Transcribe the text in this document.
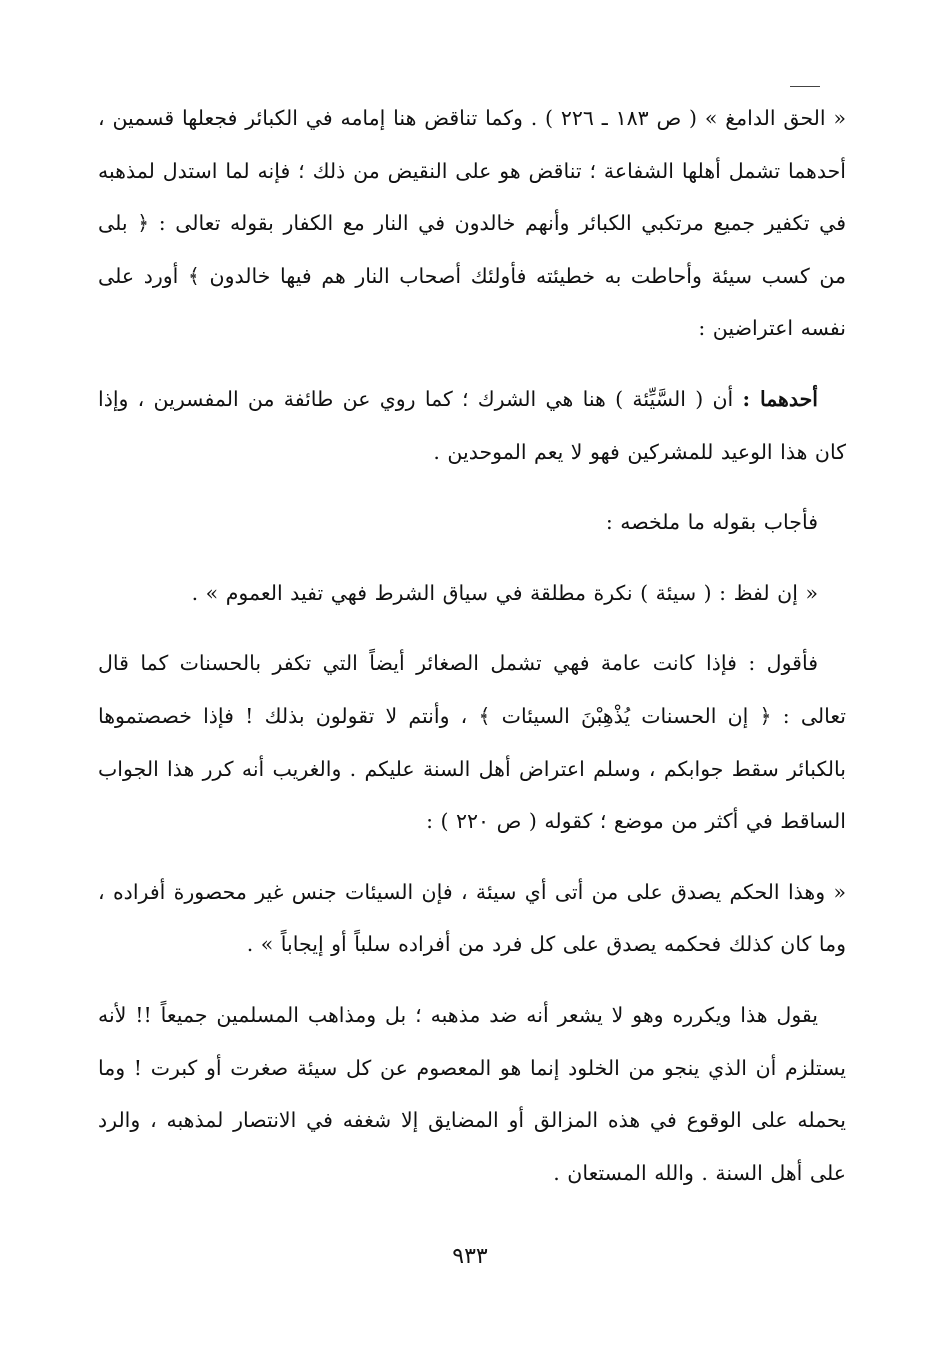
« الحق الدامغ » ( ص ١٨٣ ـ ٢٢٦ ) . وكما تناقض هنا إمامه في الكبائر فجعلها قسمين ، أحدهما تشمل أهلها الشفاعة ؛ تناقض هو على النقيض من ذلك ؛ فإنه لما استدل لمذهبه في تكفير جميع مرتكبي الكبائر وأنهم خالدون في النار مع الكفار بقوله تعالى : ﴿ بلى من كسب سيئة وأحاطت به خطيئته فأولئك أصحاب النار هم فيها خالدون ﴾ أورد على نفسه اعتراضين :

أحدهما : أن ( السَّيِّئة ) هنا هي الشرك ؛ كما روي عن طائفة من المفسرين ، وإذا كان هذا الوعيد للمشركين فهو لا يعم الموحدين .

فأجاب بقوله ما ملخصه :

« إن لفظ : ( سيئة ) نكرة مطلقة في سياق الشرط فهي تفيد العموم » .

فأقول : فإذا كانت عامة فهي تشمل الصغائر أيضاً التي تكفر بالحسنات كما قال تعالى : ﴿ إن الحسنات يُذْهِبْنَ السيئات ﴾ ، وأنتم لا تقولون بذلك ! فإذا خصصتموها بالكبائر سقط جوابكم ، وسلم اعتراض أهل السنة عليكم . والغريب أنه كرر هذا الجواب الساقط في أكثر من موضع ؛ كقوله ( ص ٢٢٠ ) :

« وهذا الحكم يصدق على من أتى أي سيئة ، فإن السيئات جنس غير محصورة أفراده ، وما كان كذلك فحكمه يصدق على كل فرد من أفراده سلباً أو إيجاباً » .

يقول هذا ويكرره وهو لا يشعر أنه ضد مذهبه ؛ بل ومذاهب المسلمين جميعاً !! لأنه يستلزم أن الذي ينجو من الخلود إنما هو المعصوم عن كل سيئة صغرت أو كبرت ! وما يحمله على الوقوع في هذه المزالق أو المضايق إلا شغفه في الانتصار لمذهبه ، والرد على أهل السنة . والله المستعان .

٩٣٣
